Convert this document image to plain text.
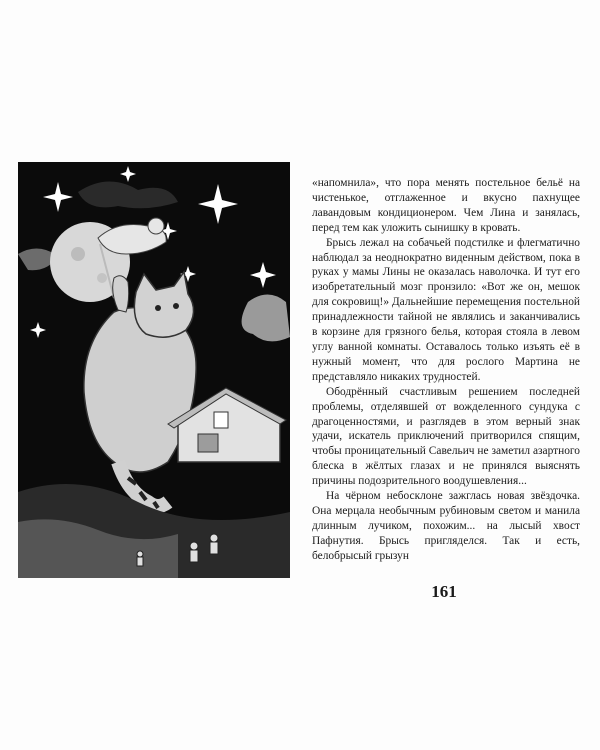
«напомнила», что пора менять постельное бельё на чистенькое, отглаженное и вкусно пахнущее лавандовым кондиционером. Чем Лина и занялась, перед тем как уложить сынишку в кровать.

Брысь лежал на собачьей подстилке и флегматично наблюдал за неоднократно виденным действом, пока в руках у мамы Лины не оказалась наволочка. И тут его изобретательный мозг пронзило: «Вот же он, мешок для сокровищ!» Дальнейшие перемещения постельной принадлежности тайной не являлись и заканчивались в корзине для грязного белья, которая стояла в левом углу ванной комнаты. Оставалось только изъять её в нужный момент, что для рослого Мартина не представляло никаких трудностей.

Ободрённый счастливым решением последней проблемы, отделявшей от вожделенного сундука с драгоценностями, и разглядев в этом верный знак удачи, искатель приключений притворился спящим, чтобы проницательный Савельич не заметил азартного блеска в жёлтых глазах и не принялся выяснять причины подозрительного воодушевления...

На чёрном небосклоне зажглась новая звёздочка. Она мерцала необычным рубиновым светом и манила длинным лучиком, похожим... на лысый хвост Пафнутия. Брысь пригляделся. Так и есть, белобрысый грызун

161
